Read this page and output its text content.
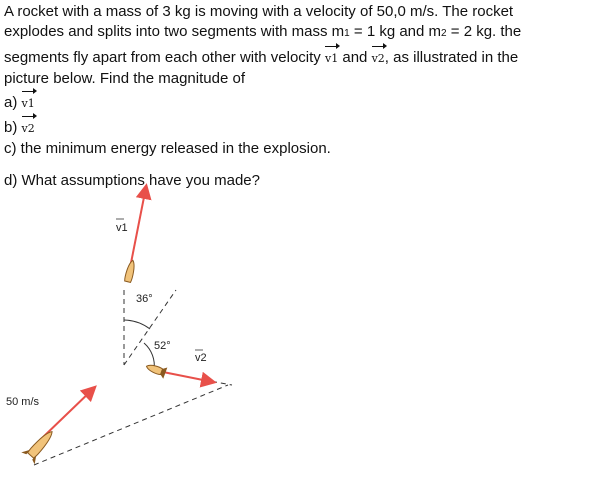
A rocket with a mass of 3 kg is moving with a velocity of 50,0 m/s. The rocket

explodes and splits into two segments with mass m1 = 1 kg and m2 = 2 kg. the

segments fly apart from each other with velocity v1 and v2, as illustrated in the

picture below. Find the magnitude of

a) v1

b) v2

c) the minimum energy released in the explosion.

d) What assumptions have you made?

v1
v2
36°
52°
50 m/s
